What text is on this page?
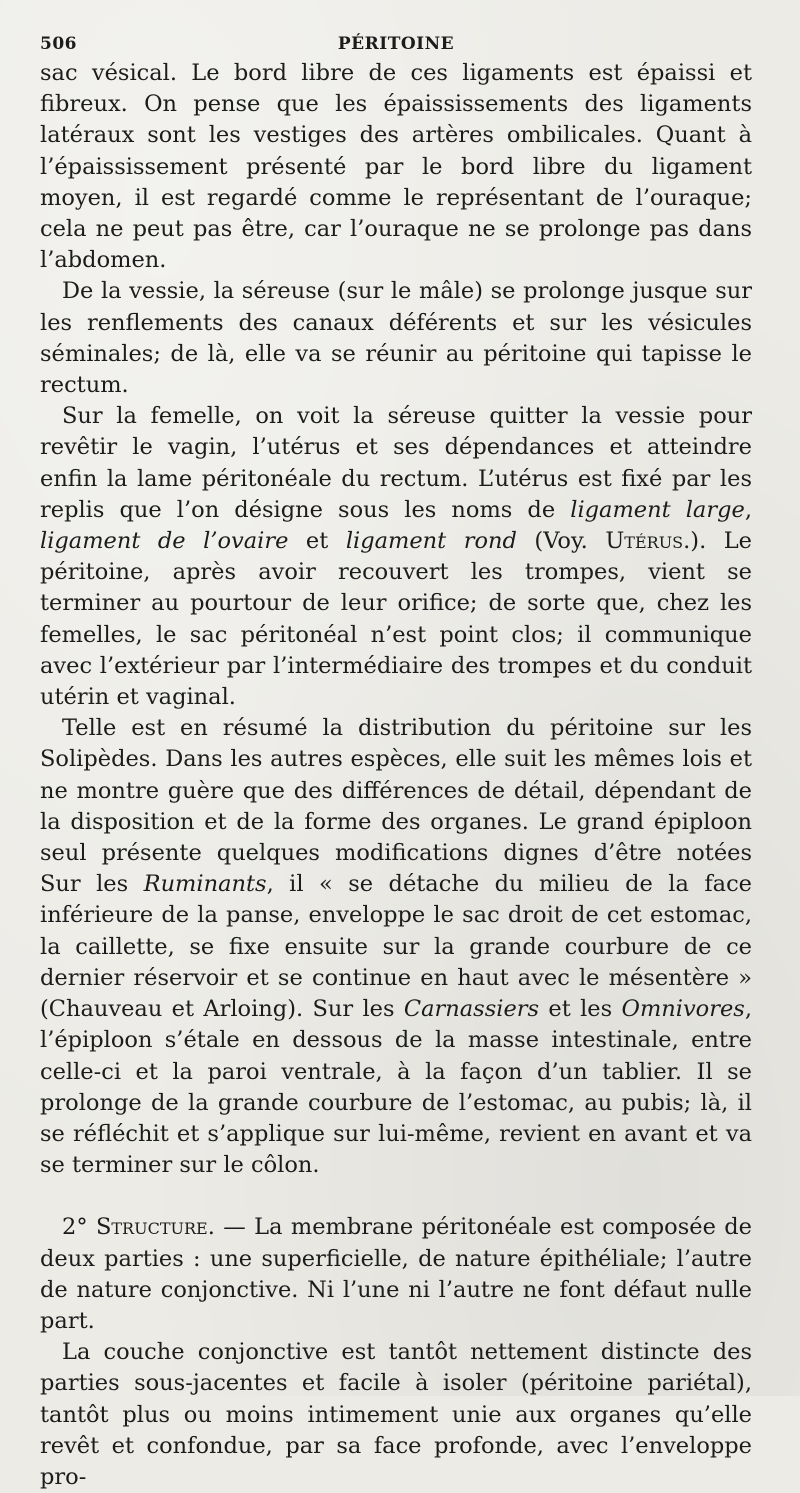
506	PÉRITOINE

sac vésical. Le bord libre de ces ligaments est épaissi et fibreux. On pense que les épaississements des ligaments latéraux sont les vestiges des artères ombilicales. Quant à l’épaississement présenté par le bord libre du ligament moyen, il est regardé comme le représentant de l’ouraque; cela ne peut pas être, car l’ouraque ne se prolonge pas dans l’abdomen.

De la vessie, la séreuse (sur le mâle) se prolonge jusque sur les renflements des canaux déférents et sur les vésicules séminales; de là, elle va se réunir au péritoine qui tapisse le rectum.

Sur la femelle, on voit la séreuse quitter la vessie pour revêtir le vagin, l’utérus et ses dépendances et atteindre enfin la lame péritonéale du rectum. L’utérus est fixé par les replis que l’on désigne sous les noms de ligament large, ligament de l’ovaire et ligament rond (Voy. Utérus.). Le péritoine, après avoir recouvert les trompes, vient se terminer au pourtour de leur orifice; de sorte que, chez les femelles, le sac péritonéal n’est point clos; il communique avec l’extérieur par l’intermédiaire des trompes et du conduit utérin et vaginal.

Telle est en résumé la distribution du péritoine sur les Solipèdes. Dans les autres espèces, elle suit les mêmes lois et ne montre guère que des différences de détail, dépendant de la disposition et de la forme des organes. Le grand épiploon seul présente quelques modifications dignes d’être notées Sur les Ruminants, il « se détache du milieu de la face inférieure de la panse, enveloppe le sac droit de cet estomac, la caillette, se fixe ensuite sur la grande courbure de ce dernier réservoir et se continue en haut avec le mésentère » (Chauveau et Arloing). Sur les Carnassiers et les Omnivores, l’épiploon s’étale en dessous de la masse intestinale, entre celle-ci et la paroi ventrale, à la façon d’un tablier. Il se prolonge de la grande courbure de l’estomac, au pubis; là, il se réfléchit et s’applique sur lui-même, revient en avant et va se terminer sur le côlon.

2° Structure. — La membrane péritonéale est composée de deux parties : une superficielle, de nature épithéliale; l’autre de nature conjonctive. Ni l’une ni l’autre ne font défaut nulle part.

La couche conjonctive est tantôt nettement distincte des parties sous-jacentes et facile à isoler (péritoine pariétal), tantôt plus ou moins intimement unie aux organes qu’elle revêt et confondue, par sa face profonde, avec l’enveloppe pro-
